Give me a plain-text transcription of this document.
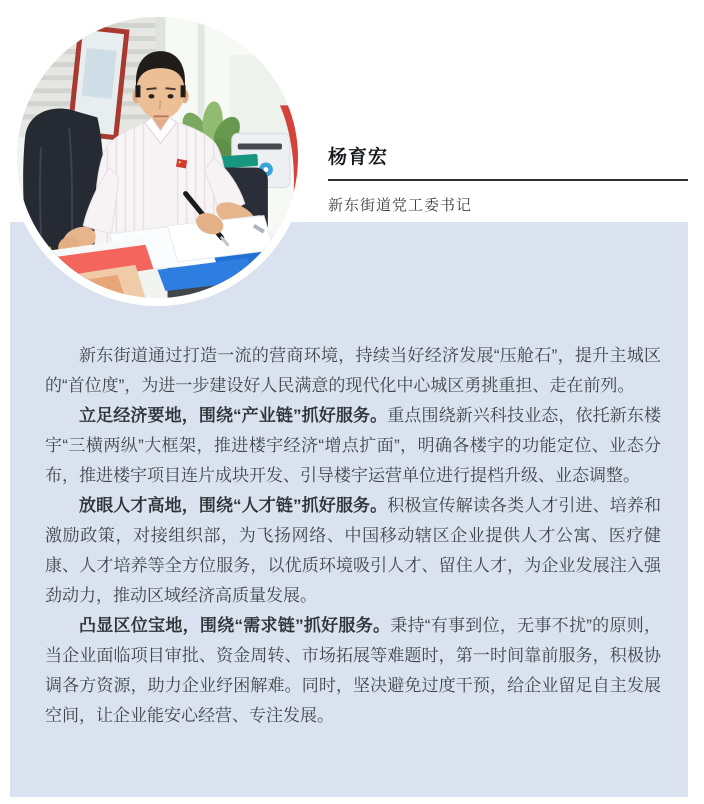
杨育宏
新东街道党工委书记

新东街道通过打造一流的营商环境，持续当好经济发展“压舱石”，提升主城区的“首位度”，为进一步建设好人民满意的现代化中心城区勇挑重担、走在前列。

立足经济要地，围绕“产业链”抓好服务。重点围绕新兴科技业态，依托新东楼宇“三横两纵”大框架，推进楼宇经济“增点扩面”，明确各楼宇的功能定位、业态分布，推进楼宇项目连片成块开发、引导楼宇运营单位进行提档升级、业态调整。

放眼人才高地，围绕“人才链”抓好服务。积极宣传解读各类人才引进、培养和激励政策，对接组织部，为飞扬网络、中国移动辖区企业提供人才公寓、医疗健康、人才培养等全方位服务，以优质环境吸引人才、留住人才，为企业发展注入强劲动力，推动区域经济高质量发展。

凸显区位宝地，围绕“需求链”抓好服务。秉持“有事到位，无事不扰”的原则，当企业面临项目审批、资金周转、市场拓展等难题时，第一时间靠前服务，积极协调各方资源，助力企业纾困解难。同时，坚决避免过度干预，给企业留足自主发展空间，让企业能安心经营、专注发展。
